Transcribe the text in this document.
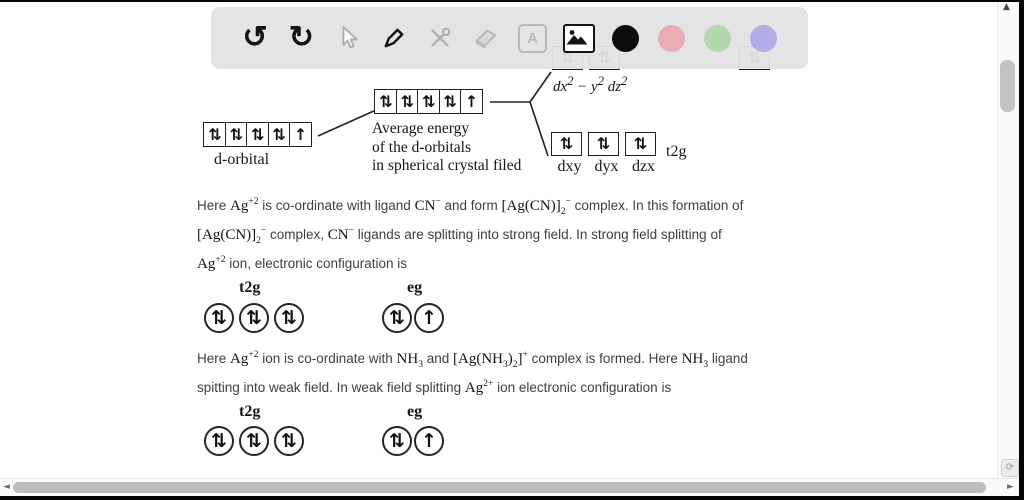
↺ ↻	A
$dx^2 - y^2$ $dz^2$
⇅ ⇅ ⇅ ⇅ ↑
Average energy
of the d-orbitals
in spherical crystal filed
⇅ ⇅ ⇅ ⇅ ↑
d-orbital
⇅ ⇅ ⇅
dxy dyx dzx
t2g
Here $Ag^{+2}$ is co-ordinate with ligand CN− and form $[Ag(CN)]_2^-$ complex. In this formation of
$[Ag(CN)]_2^-$ complex, CN− ligands are splitting into strong field. In strong field splitting of
$Ag^{+2}$ ion, electronic configuration is
t2g	eg
⇅ ⇅ ⇅	⇅ ↑
Here $Ag^{+2}$ ion is co-ordinate with $NH_3$ and $[Ag(NH_3)_2]^+$ complex is formed. Here $NH_3$ ligand
spitting into weak field. In weak field splitting $Ag^{2+}$ ion electronic configuration is
t2g	eg
⇅ ⇅ ⇅	⇅ ↑
▲
⟳
◄	►
